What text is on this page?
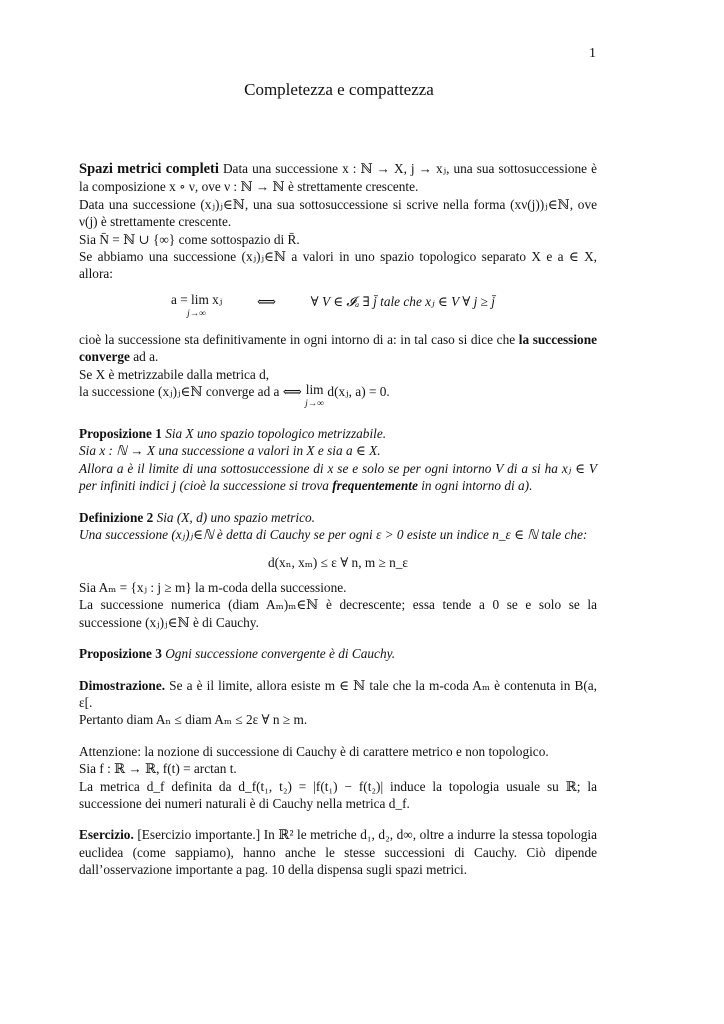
1
Completezza e compattezza

Spazi metrici completi Data una successione x : ℕ → X, j → xⱼ, una sua sottosuccessione è la composizione x ∘ ν, ove ν : ℕ → ℕ è strettamente crescente.

Data una successione (xⱼ)ⱼ∈ℕ, una sua sottosuccessione si scrive nella forma (xν(j))ⱼ∈ℕ, ove ν(j) è strettamente crescente.

Sia N̄ = ℕ ∪ {∞} come sottospazio di R̄.

Se abbiamo una successione (xⱼ)ⱼ∈ℕ a valori in uno spazio topologico separato X e a ∈ X, allora:

a = lim xⱼ
j→∞
⟺	∀ V ∈ 𝓘ₐ ∃ j̄ tale che xⱼ ∈ V ∀ j ≥ j̄

cioè la successione sta definitivamente in ogni intorno di a: in tal caso si dice che la successione converge ad a.

Se X è metrizzabile dalla metrica d,

la successione (xⱼ)ⱼ∈ℕ converge ad a ⟺ lim
j→∞
d(xⱼ, a) = 0.

Proposizione 1 Sia X uno spazio topologico metrizzabile.

Sia x : ℕ → X una successione a valori in X e sia a ∈ X.

Allora a è il limite di una sottosuccessione di x se e solo se per ogni intorno V di a si ha xⱼ ∈ V per infiniti indici j (cioè la successione si trova frequentemente in ogni intorno di a).

Definizione 2 Sia (X, d) uno spazio metrico.

Una successione (xⱼ)ⱼ∈ℕ è detta di Cauchy se per ogni ε > 0 esiste un indice n_ε ∈ ℕ tale che:

d(xₙ, xₘ) ≤ ε ∀ n, m ≥ n_ε

Sia Aₘ = {xⱼ : j ≥ m} la m-coda della successione.

La successione numerica (diam Aₘ)ₘ∈ℕ è decrescente; essa tende a 0 se e solo se la successione (xⱼ)ⱼ∈ℕ è di Cauchy.

Proposizione 3 Ogni successione convergente è di Cauchy.

Dimostrazione. Se a è il limite, allora esiste m ∈ ℕ tale che la m-coda Aₘ è contenuta in B(a, ε[.

Pertanto diam Aₙ ≤ diam Aₘ ≤ 2ε ∀ n ≥ m.

Attenzione: la nozione di successione di Cauchy è di carattere metrico e non topologico.

Sia f : ℝ → ℝ, f(t) = arctan t.

La metrica d_f definita da d_f(t₁, t₂) = |f(t₁) − f(t₂)| induce la topologia usuale su ℝ; la successione dei numeri naturali è di Cauchy nella metrica d_f.

Esercizio. [Esercizio importante.] In ℝ² le metriche d₁, d₂, d∞, oltre a indurre la stessa topologia euclidea (come sappiamo), hanno anche le stesse successioni di Cauchy. Ciò dipende dall’osservazione importante a pag. 10 della dispensa sugli spazi metrici.
